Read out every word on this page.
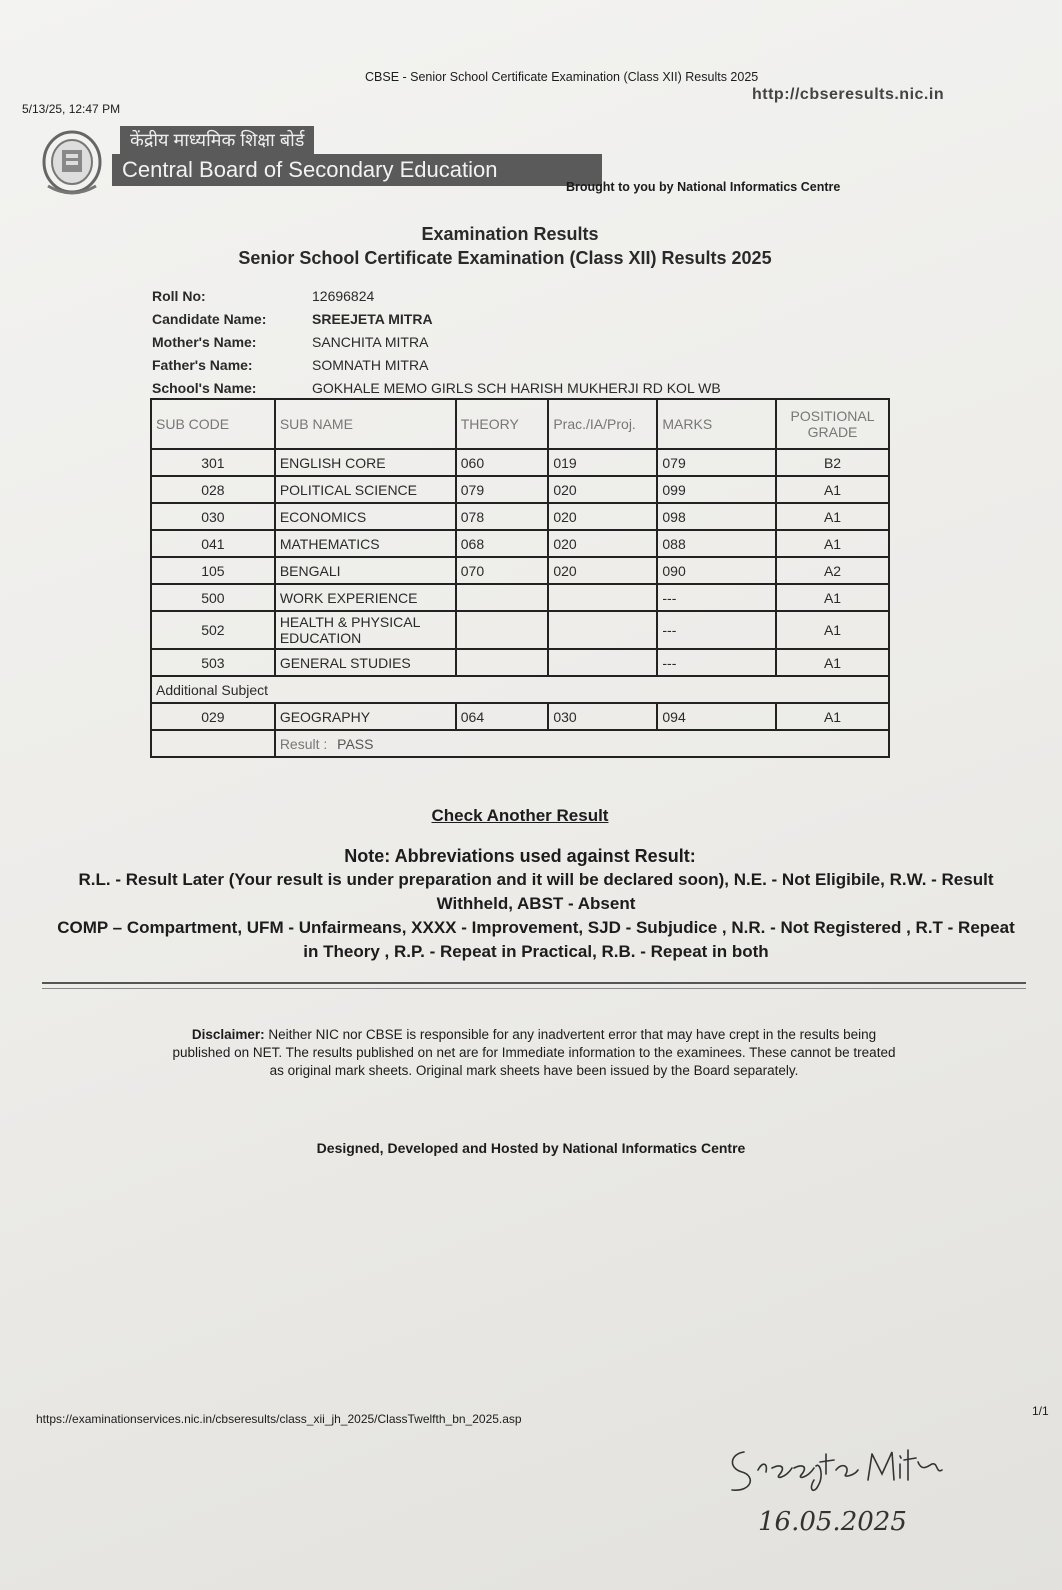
5/13/25, 12:47 PM
CBSE - Senior School Certificate Examination (Class XII) Results 2025
http://cbseresults.nic.in
केंद्रीय माध्यमिक शिक्षा बोर्ड
Central Board of Secondary Education
Brought to you by National Informatics Centre
Examination Results
Senior School Certificate Examination (Class XII) Results 2025
Roll No:	12696824
Candidate Name:	SREEJETA MITRA
Mother's Name:	SANCHITA MITRA
Father's Name:	SOMNATH MITRA
School's Name:	GOKHALE MEMO GIRLS SCH HARISH MUKHERJI RD KOL WB
SUB CODE	SUB NAME	THEORY	Prac./IA/Proj.	MARKS	POSITIONAL
GRADE
301	ENGLISH CORE	060	019	079	B2
028	POLITICAL SCIENCE	079	020	099	A1
030	ECONOMICS	078	020	098	A1
041	MATHEMATICS	068	020	088	A1
105	BENGALI	070	020	090	A2
500	WORK EXPERIENCE			---	A1
502	HEALTH & PHYSICAL EDUCATION			---	A1
503	GENERAL STUDIES			---	A1
Additional Subject					
029	GEOGRAPHY	064	030	094	A1
	Result : PASS				
Check Another Result
Note: Abbreviations used against Result:
R.L. - Result Later (Your result is under preparation and it will be declared soon), N.E. - Not Eligibile, R.W. - Result Withheld, ABST - Absent
COMP – Compartment, UFM - Unfairmeans, XXXX - Improvement, SJD - Subjudice , N.R. - Not Registered , R.T - Repeat in Theory , R.P. - Repeat in Practical, R.B. - Repeat in both
Disclaimer: Neither NIC nor CBSE is responsible for any inadvertent error that may have crept in the results being published on NET. The results published on net are for Immediate information to the examinees. These cannot be treated as original mark sheets. Original mark sheets have been issued by the Board separately.
Designed, Developed and Hosted by National Informatics Centre
https://examinationservices.nic.in/cbseresults/class_xii_jh_2025/ClassTwelfth_bn_2025.asp
1/1
16.05.2025
